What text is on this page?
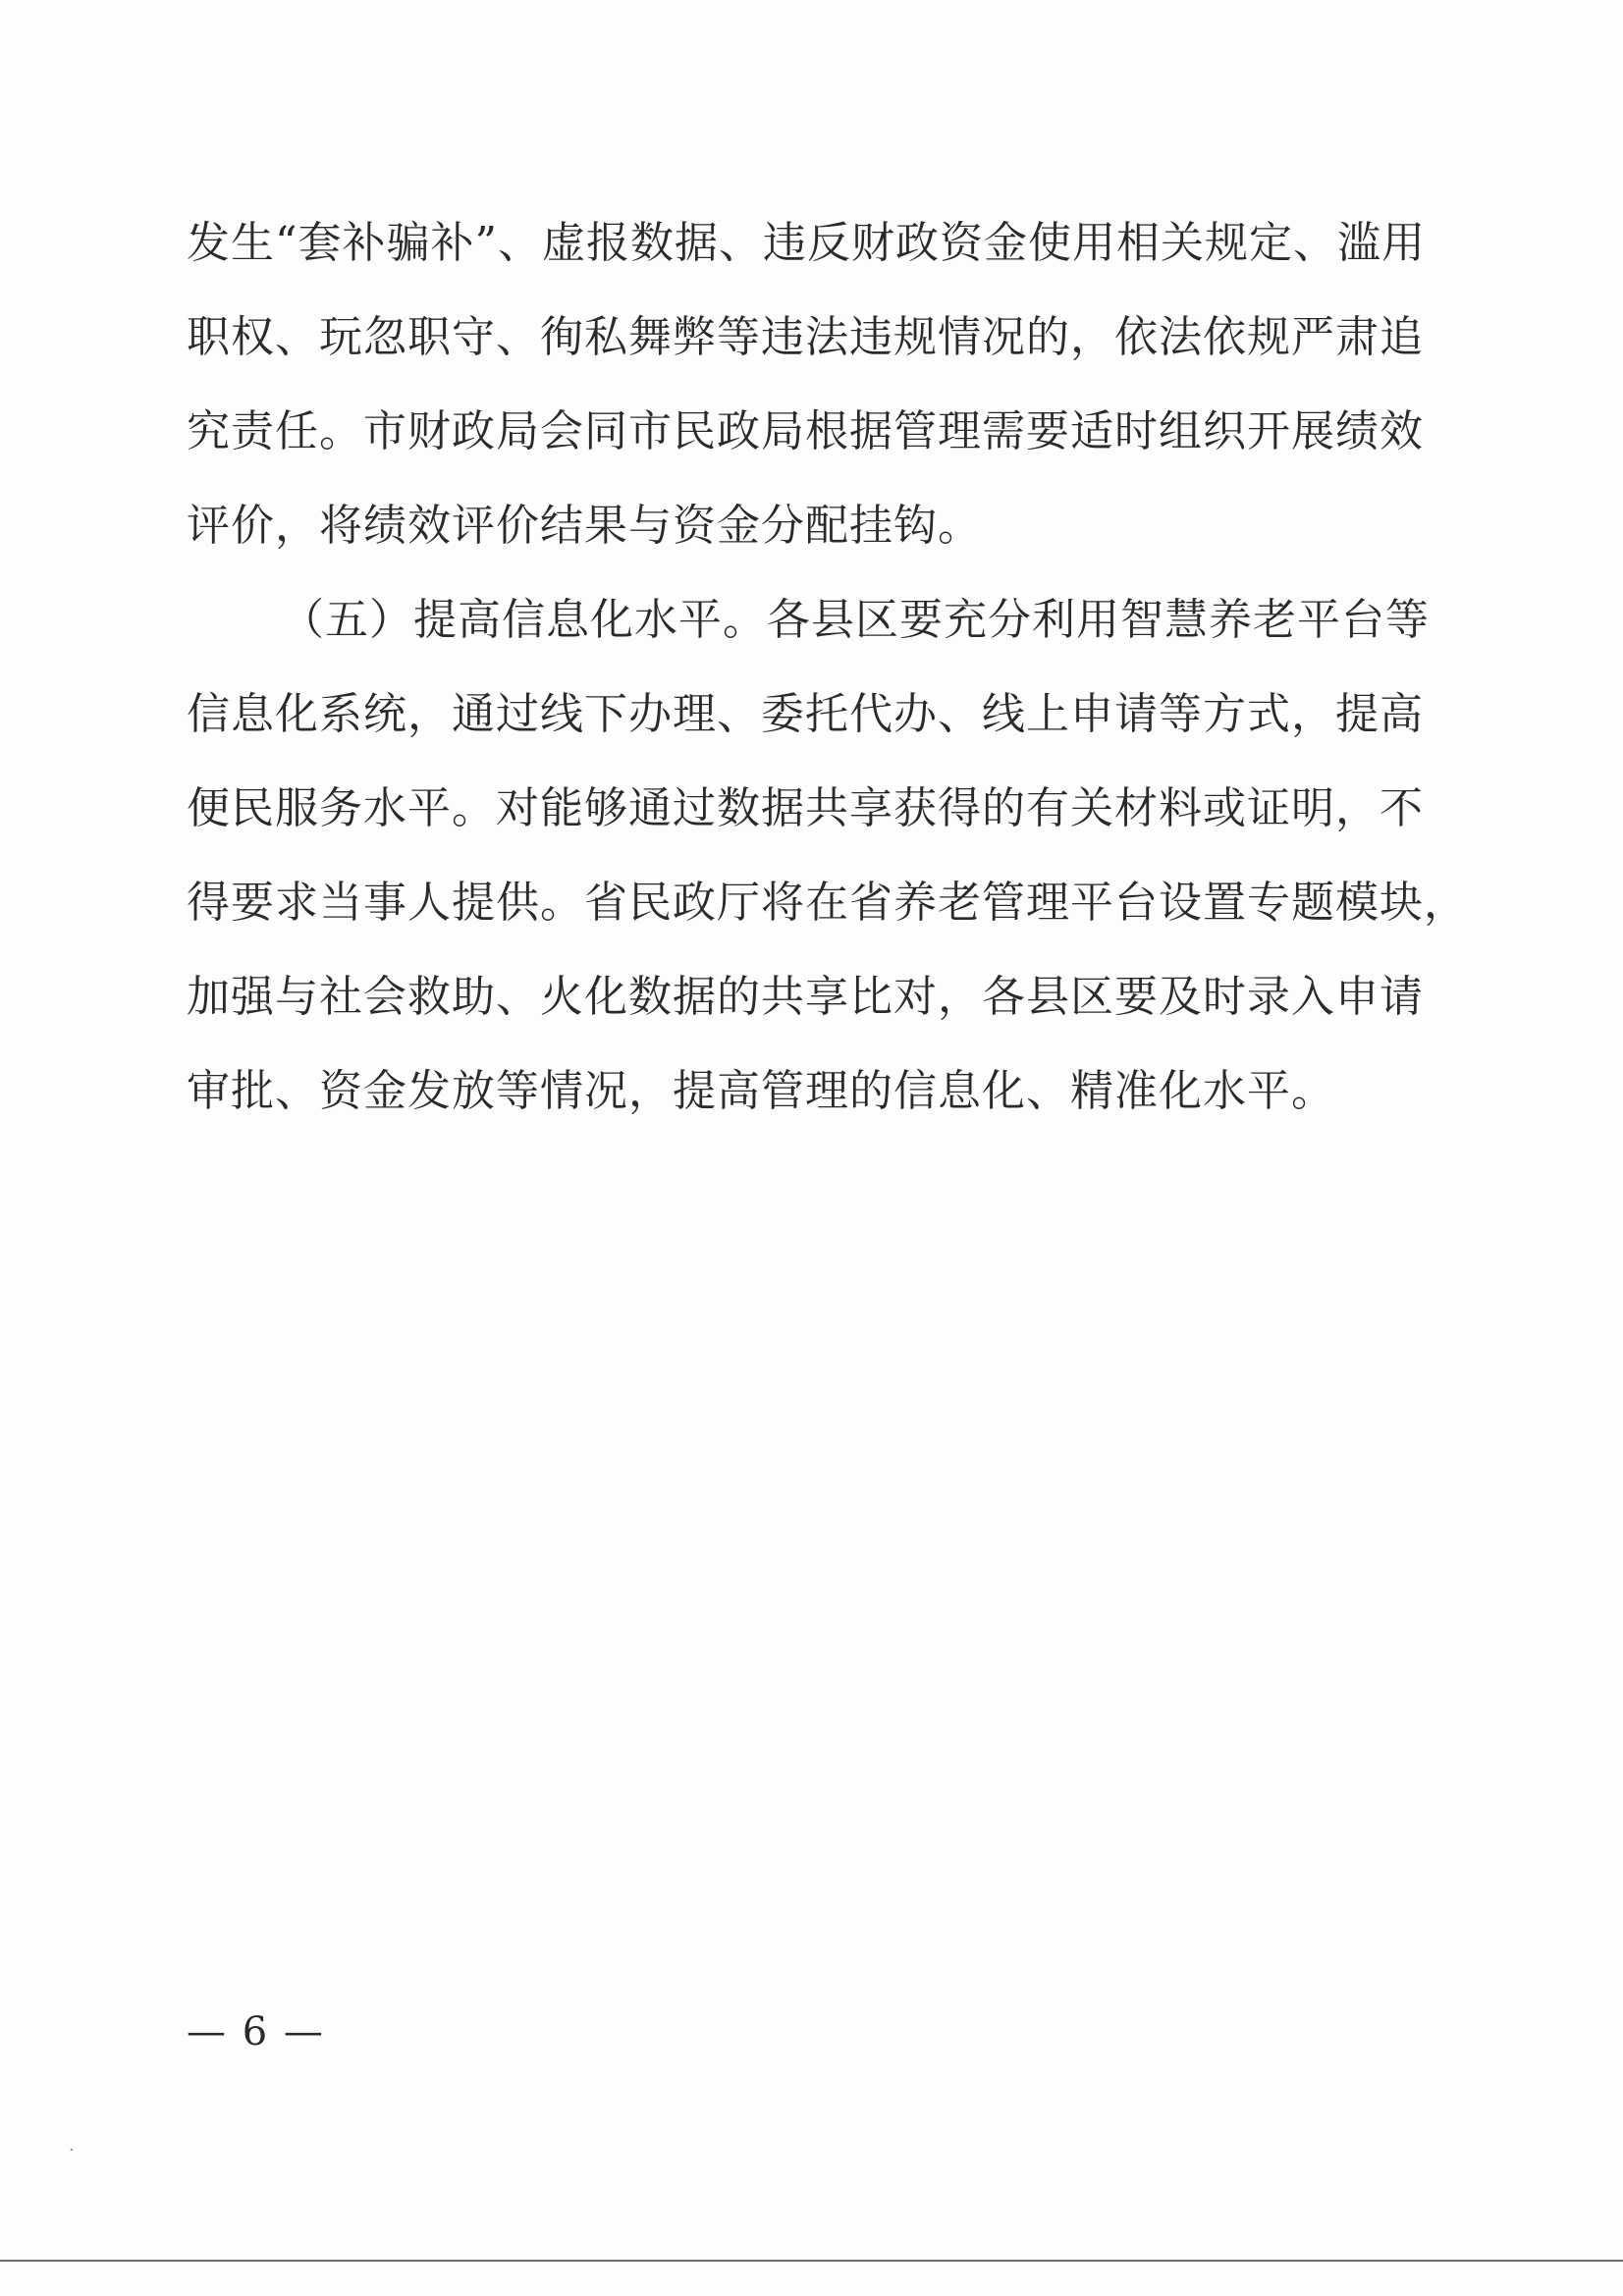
发生“套补骗补”、虚报数据、违反财政资金使用相关规定、滥用
职权、玩忽职守、徇私舞弊等违法违规情况的，依法依规严肃追
究责任。市财政局会同市民政局根据管理需要适时组织开展绩效
评价，将绩效评价结果与资金分配挂钩。
（五）提高信息化水平。各县区要充分利用智慧养老平台等
信息化系统，通过线下办理、委托代办、线上申请等方式，提高
便民服务水平。对能够通过数据共享获得的有关材料或证明，不
得要求当事人提供。省民政厅将在省养老管理平台设置专题模块，
加强与社会救助、火化数据的共享比对，各县区要及时录入申请
审批、资金发放等情况，提高管理的信息化、精准化水平。
— 6 —
·
